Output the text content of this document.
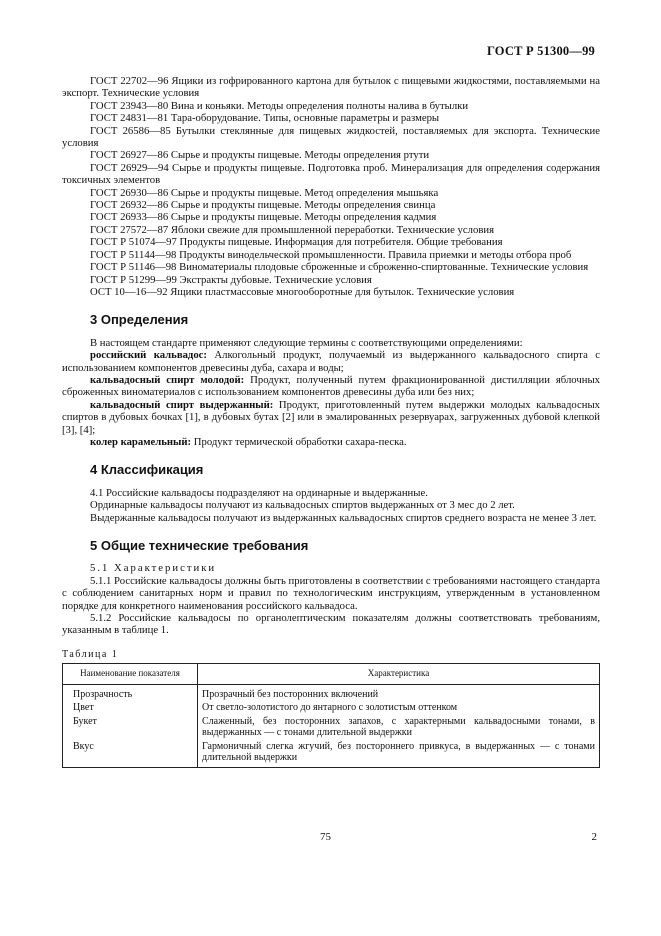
ГОСТ Р 51300—99

ГОСТ 22702—96 Ящики из гофрированного картона для бутылок с пищевыми жидкостями, поставляемыми на экспорт. Технические условия

ГОСТ 23943—80 Вина и коньяки. Методы определения полноты налива в бутылки

ГОСТ 24831—81 Тара-оборудование. Типы, основные параметры и размеры

ГОСТ 26586—85 Бутылки стеклянные для пищевых жидкостей, поставляемых для экспорта. Технические условия

ГОСТ 26927—86 Сырье и продукты пищевые. Методы определения ртути

ГОСТ 26929—94 Сырье и продукты пищевые. Подготовка проб. Минерализация для определения содержания токсичных элементов

ГОСТ 26930—86 Сырье и продукты пищевые. Метод определения мышьяка

ГОСТ 26932—86 Сырье и продукты пищевые. Методы определения свинца

ГОСТ 26933—86 Сырье и продукты пищевые. Методы определения кадмия

ГОСТ 27572—87 Яблоки свежие для промышленной переработки. Технические условия

ГОСТ Р 51074—97 Продукты пищевые. Информация для потребителя. Общие требования

ГОСТ Р 51144—98 Продукты винодельческой промышленности. Правила приемки и методы отбора проб

ГОСТ Р 51146—98 Виноматериалы плодовые сброженные и сброженно-спиртованные. Технические условия

ГОСТ Р 51299—99 Экстракты дубовые. Технические условия

ОСТ 10—16—92 Ящики пластмассовые многооборотные для бутылок. Технические условия

3 Определения

В настоящем стандарте применяют следующие термины с соответствующими определениями:

российский кальвадос: Алкогольный продукт, получаемый из выдержанного кальвадосного спирта с использованием компонентов древесины дуба, сахара и воды;

кальвадосный спирт молодой: Продукт, полученный путем фракционированной дистилляции яблочных сброженных виноматериалов с использованием компонентов древесины дуба или без них;

кальвадосный спирт выдержанный: Продукт, приготовленный путем выдержки молодых кальвадосных спиртов в дубовых бочках [1], в дубовых бутах [2] или в эмалированных резервуарах, загруженных дубовой клепкой [3], [4];

колер карамельный: Продукт термической обработки сахара-песка.

4 Классификация

4.1 Российские кальвадосы подразделяют на ординарные и выдержанные.

Ординарные кальвадосы получают из кальвадосных спиртов выдержанных от 3 мес до 2 лет.

Выдержанные кальвадосы получают из выдержанных кальвадосных спиртов среднего возраста не менее 3 лет.

5 Общие технические требования

5.1 Характеристики

5.1.1 Российские кальвадосы должны быть приготовлены в соответствии с требованиями настоящего стандарта с соблюдением санитарных норм и правил по технологическим инструкциям, утвержденным в установленном порядке для конкретного наименования российского кальвадоса.

5.1.2 Российские кальвадосы по органолептическим показателям должны соответствовать требованиям, указанным в таблице 1.

Таблица 1
Наименование показателя	Характеристика
Прозрачность	Прозрачный без посторонних включений
Цвет	От светло-золотистого до янтарного с золотистым оттенком
Букет	Слаженный, без посторонних запахов, с характерными кальвадосными тонами, в выдержанных — с тонами длительной выдержки
Вкус	Гармоничный слегка жгучий, без постороннего привкуса, в выдержанных — с тонами длительной выдержки
75	2
